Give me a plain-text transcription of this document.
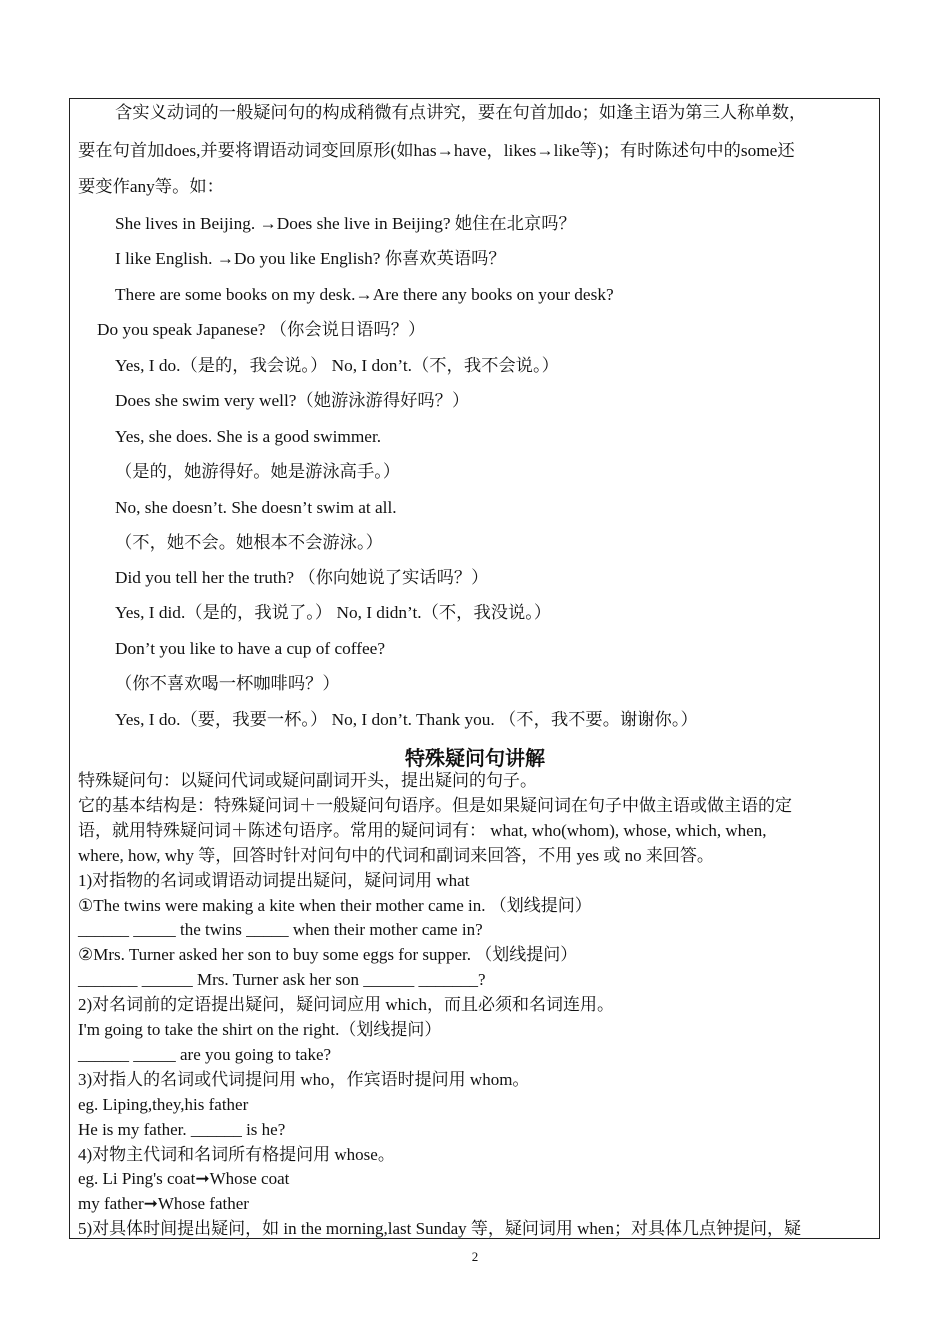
含实义动词的一般疑问句的构成稍微有点讲究，要在句首加do；如逢主语为第三人称单数，
要在句首加does,并要将谓语动词变回原形(如has→have，likes→like等)；有时陈述句中的some还
要变作any等。如：
She lives in Beijing. →Does she live in Beijing? 她住在北京吗？
I like English. →Do you like English? 你喜欢英语吗？
There are some books on my desk.→Are there any books on your desk?
Do you speak Japanese? （你会说日语吗？）
Yes, I do.（是的，我会说。） No, I don’t.（不，我不会说。）
Does she swim very well?（她游泳游得好吗？）
Yes, she does. She is a good swimmer.
（是的，她游得好。她是游泳高手。）
No, she doesn’t. She doesn’t swim at all.
（不，她不会。她根本不会游泳。）
Did you tell her the truth? （你向她说了实话吗？）
Yes, I did.（是的，我说了。） No, I didn’t.（不，我没说。）
Don’t you like to have a cup of coffee?
（你不喜欢喝一杯咖啡吗？）
Yes, I do.（要，我要一杯。） No, I don’t. Thank you. （不，我不要。谢谢你。）
特殊疑问句讲解
特殊疑问句：以疑问代词或疑问副词开头，提出疑问的句子。
它的基本结构是：特殊疑问词＋一般疑问句语序。但是如果疑问词在句子中做主语或做主语的定
语，就用特殊疑问词＋陈述句语序。常用的疑问词有： what, who(whom), whose, which, when,
where, how, why 等，回答时针对问句中的代词和副词来回答，不用 yes 或 no 来回答。
1)对指物的名词或谓语动词提出疑问，疑问词用 what
①The twins were making a kite when their mother came in. （划线提问）
______ _____ the twins _____ when their mother came in?
②Mrs. Turner asked her son to buy some eggs for supper. （划线提问）
_______ ______ Mrs. Turner ask her son ______ _______?
2)对名词前的定语提出疑问，疑问词应用 which，而且必须和名词连用。
I'm going to take the shirt on the right.（划线提问）
______ _____ are you going to take?
3)对指人的名词或代词提问用 who，作宾语时提问用 whom。
eg. Liping,they,his father
He is my father. ______ is he?
4)对物主代词和名词所有格提问用 whose。
eg. Li Ping's coat➞Whose coat
my father➞Whose father
5)对具体时间提出疑问，如 in the morning,last Sunday 等，疑问词用 when；对具体几点钟提问，疑
2
